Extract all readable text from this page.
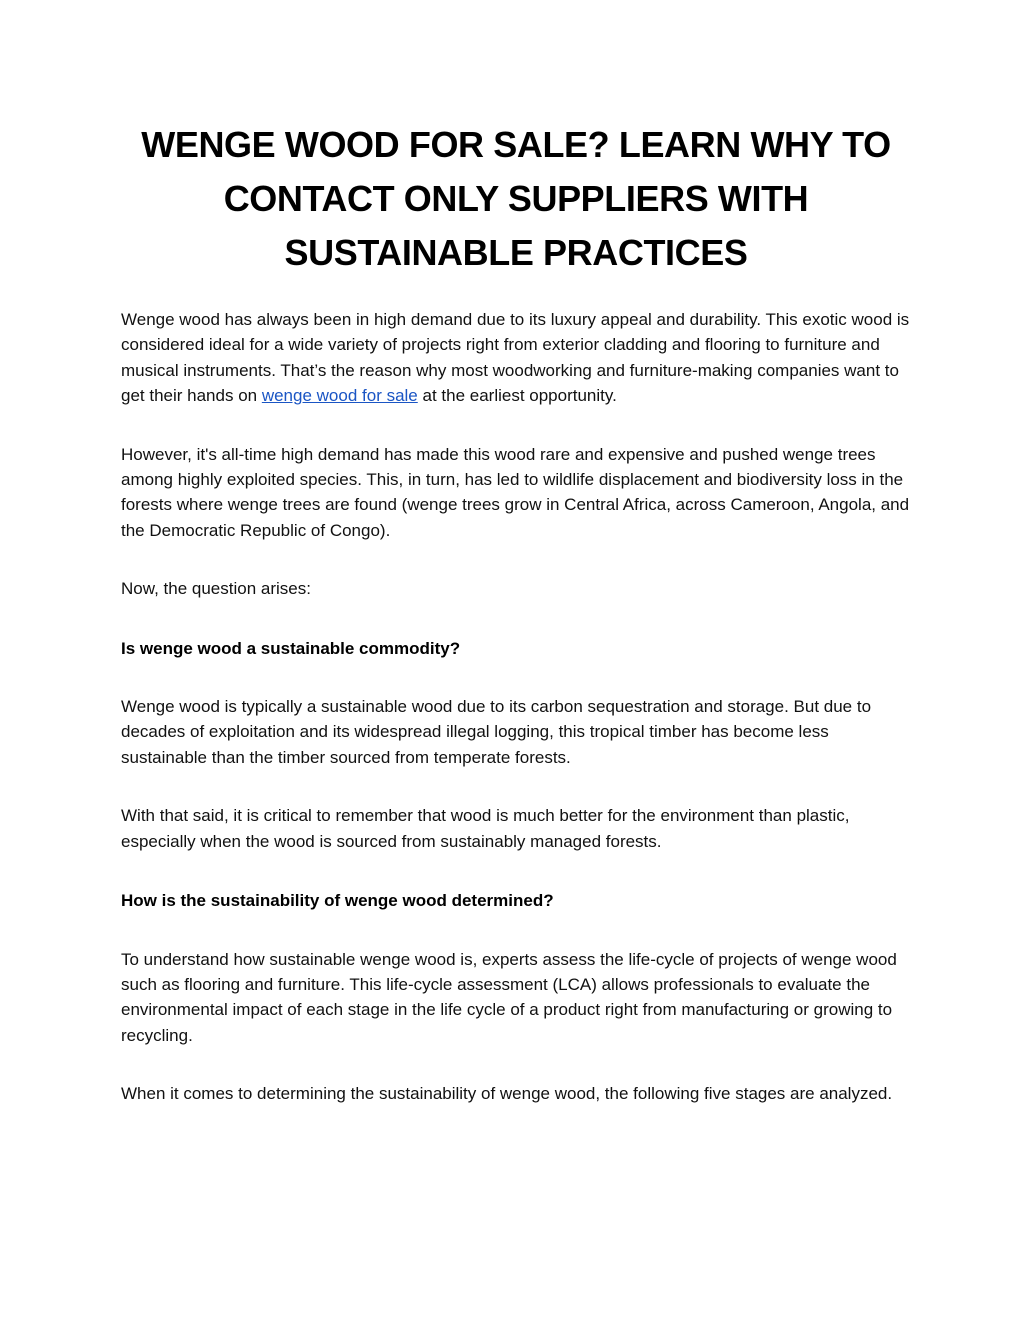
WENGE WOOD FOR SALE? LEARN WHY TO
CONTACT ONLY SUPPLIERS WITH
SUSTAINABLE PRACTICES

Wenge wood has always been in high demand due to its luxury appeal and durability. This exotic wood is considered ideal for a wide variety of projects right from exterior cladding and flooring to furniture and musical instruments. That’s the reason why most woodworking and furniture-making companies want to get their hands on wenge wood for sale at the earliest opportunity.

However, it's all-time high demand has made this wood rare and expensive and pushed wenge trees among highly exploited species. This, in turn, has led to wildlife displacement and biodiversity loss in the forests where wenge trees are found (wenge trees grow in Central Africa, across Cameroon, Angola, and the Democratic Republic of Congo).

Now, the question arises:

Is wenge wood a sustainable commodity?

Wenge wood is typically a sustainable wood due to its carbon sequestration and storage. But due to decades of exploitation and its widespread illegal logging, this tropical timber has become less sustainable than the timber sourced from temperate forests.

With that said, it is critical to remember that wood is much better for the environment than plastic, especially when the wood is sourced from sustainably managed forests.

How is the sustainability of wenge wood determined?

To understand how sustainable wenge wood is, experts assess the life-cycle of projects of wenge wood such as flooring and furniture. This life-cycle assessment (LCA) allows professionals to evaluate the environmental impact of each stage in the life cycle of a product right from manufacturing or growing to recycling.

When it comes to determining the sustainability of wenge wood, the following five stages are analyzed.
